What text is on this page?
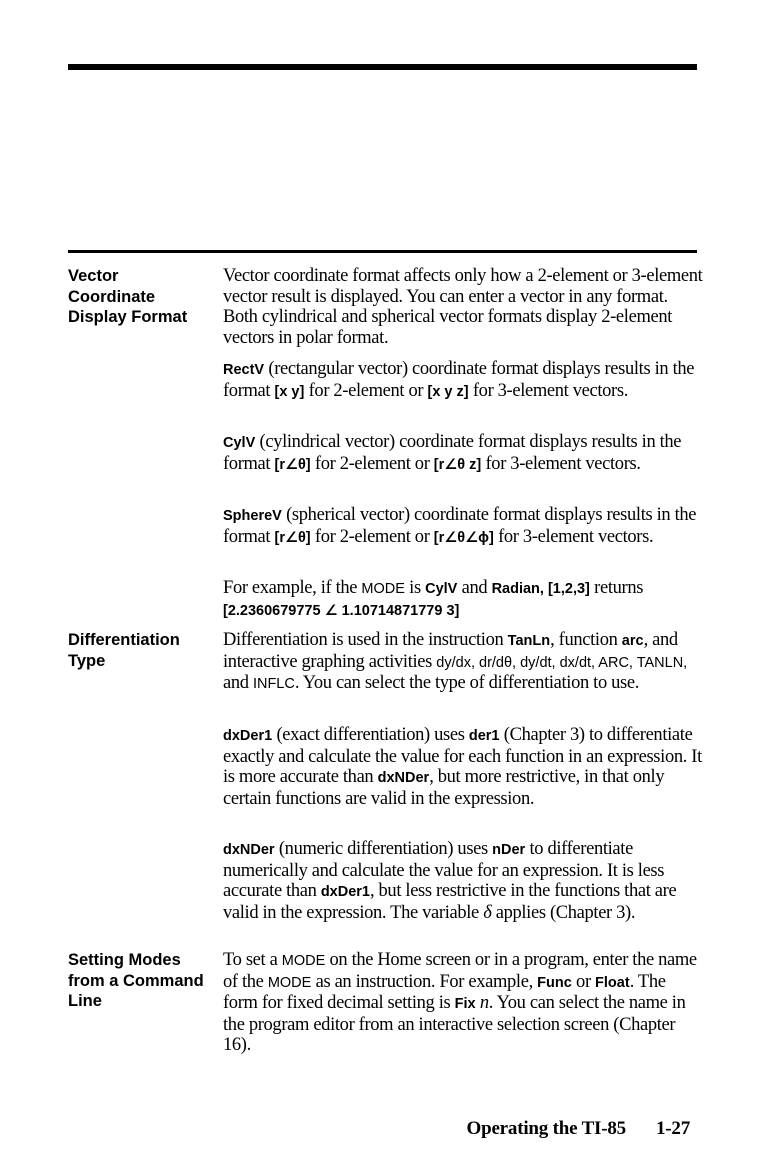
Vector
Coordinate
Display Format

Vector coordinate format affects only how a 2-element or 3-element vector result is displayed. You can enter a vector in any format. Both cylindrical and spherical vector formats display 2-element vectors in polar format.

RectV (rectangular vector) coordinate format displays results in the format [x y] for 2-element or [x y z] for 3-element vectors.

CylV (cylindrical vector) coordinate format displays results in the format [r∠θ] for 2-element or [r∠θ z] for 3-element vectors.

SphereV (spherical vector) coordinate format displays results in the format [r∠θ] for 2-element or [r∠θ∠ϕ] for 3-element vectors.

For example, if the MODE is CylV and Radian, [1,2,3] returns [2.2360679775 ∠ 1.10714871779 3]

Differentiation
Type

Differentiation is used in the instruction TanLn, function arc, and interactive graphing activities dy/dx, dr/dθ, dy/dt, dx/dt, ARC, TANLN, and INFLC. You can select the type of differentiation to use.

dxDer1 (exact differentiation) uses der1 (Chapter 3) to differentiate exactly and calculate the value for each function in an expression. It is more accurate than dxNDer, but more restrictive, in that only certain functions are valid in the expression.

dxNDer (numeric differentiation) uses nDer to differentiate numerically and calculate the value for an expression. It is less accurate than dxDer1, but less restrictive in the functions that are valid in the expression. The variable δ applies (Chapter 3).

Setting Modes
from a Command
Line

To set a MODE on the Home screen or in a program, enter the name of the MODE as an instruction. For example, Func or Float. The form for fixed decimal setting is Fix n. You can select the name in the program editor from an interactive selection screen (Chapter 16).

Operating the TI-85 1-27
